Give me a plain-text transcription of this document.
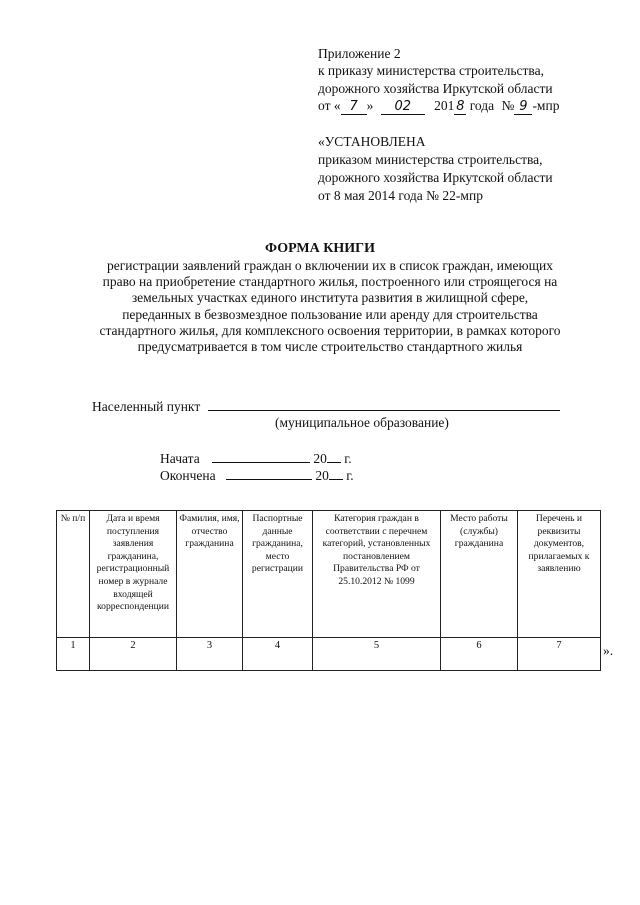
Приложение 2
к приказу министерства строительства,
дорожного хозяйства Иркутской области
от « 7 » 02 201 8 года № 9 -мпр
«УСТАНОВЛЕНА
приказом министерства строительства,
дорожного хозяйства Иркутской области
от 8 мая 2014 года № 22-мпр
ФОРМА КНИГИ
регистрации заявлений граждан о включении их в список граждан, имеющих
право на приобретение стандартного жилья, построенного или строящегося на
земельных участках единого института развития в жилищной сфере,
переданных в безвозмездное пользование или аренду для строительства
стандартного жилья, для комплексного освоения территории, в рамках которого
предусматривается в том числе строительство стандартного жилья
Населенный пункт
(муниципальное образование)
Начата	20 г.
Окончена	20 г.
№ п/п	Дата и время поступления заявления гражданина, регистрационный номер в журнале входящей корреспонденции	Фамилия, имя, отчество гражданина	Паспортные данные гражданина, место регистрации	Категория граждан в соответствии с перечнем категорий, установленных постановлением Правительства РФ от 25.10.2012 № 1099	Место работы (службы) гражданина	Перечень и реквизиты документов, прилагаемых к заявлению
1	2	3	4	5	6	7	».
